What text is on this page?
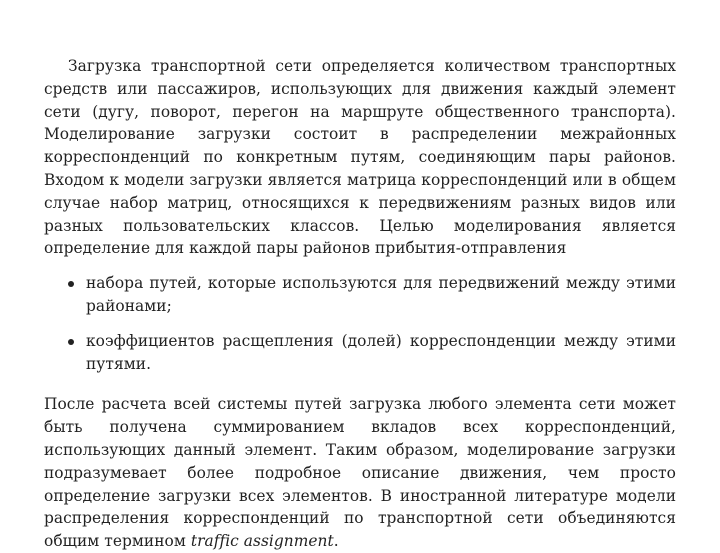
Загрузка транспортной сети определяется количеством транспортных средств или пассажиров, использующих для движения каждый элемент сети (дугу, поворот, перегон на маршруте общественного транспорта). Моделирование загрузки состоит в распределении межрайонных корреспонденций по конкретным путям, соединяющим пары районов. Входом к модели загрузки является матрица корреспонденций или в общем случае набор матриц, относящихся к передвижениям разных видов или разных пользовательских классов. Целью моделирования является определение для каждой пары районов прибытия-отправления

набора путей, которые используются для передвижений между этими районами;
коэффициентов расщепления (долей) корреспонденции между этими путями.

После расчета всей системы путей загрузка любого элемента сети может быть получена суммированием вкладов всех корреспонденций, использующих данный элемент. Таким образом, моделирование загрузки подразумевает более подробное описание движения, чем просто определение загрузки всех элементов. В иностранной литературе модели распределения корреспонденций по транспортной сети объединяются общим термином traffic assignment.
